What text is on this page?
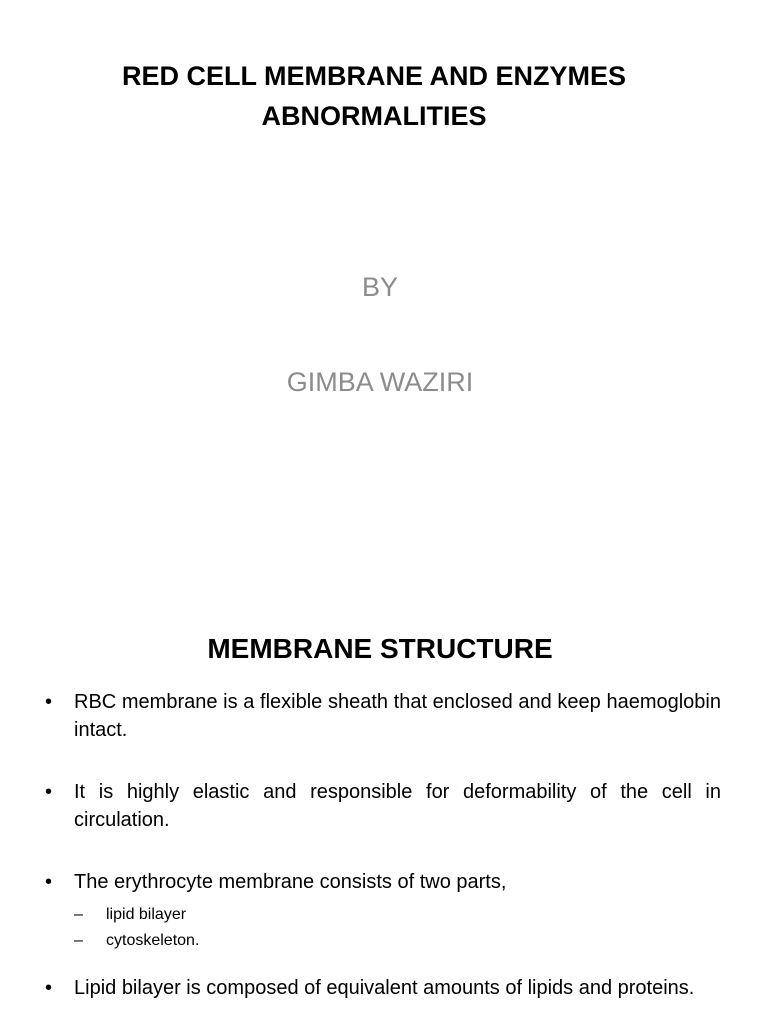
RED CELL MEMBRANE AND ENZYMES
ABNORMALITIES
BY
GIMBA WAZIRI
MEMBRANE STRUCTURE
•	RBC membrane is a flexible sheath that enclosed and keep haemoglobin intact.
•	It is highly elastic and responsible for deformability of the cell in circulation.
•	The erythrocyte membrane consists of two parts,
– lipid bilayer
– cytoskeleton.
•	Lipid bilayer is composed of equivalent amounts of lipids and proteins.
